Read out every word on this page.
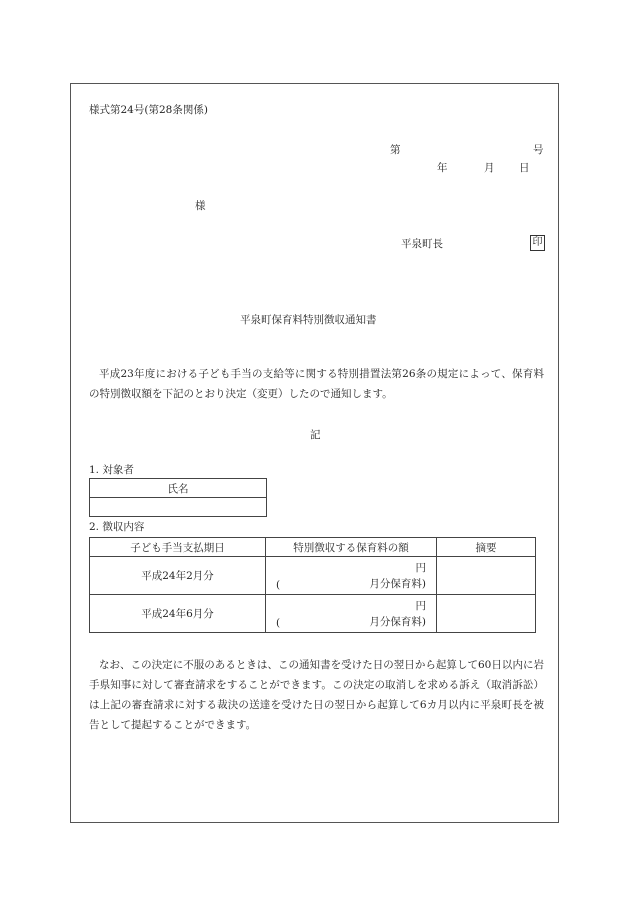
様式第24号(第28条関係)
第	号
年	月 日
様
平泉町長	印
平泉町保育料特別徴収通知書
平成23年度における子ども手当の支給等に関する特別措置法第26条の規定によって、保育料の特別徴収額を下記のとおり決定（変更）したので通知します。
記
1. 対象者
氏名

2. 徴収内容
子ども手当支払期日	特別徴収する保育料の額	摘要
平成24年2月分	円
( 月分保育料)	

平成24年6月分	円
( 月分保育料)	

なお、この決定に不服のあるときは、この通知書を受けた日の翌日から起算して60日以内に岩手県知事に対して審査請求をすることができます。この決定の取消しを求める訴え（取消訴訟）は上記の審査請求に対する裁決の送達を受けた日の翌日から起算して6カ月以内に平泉町長を被告として提起することができます。
